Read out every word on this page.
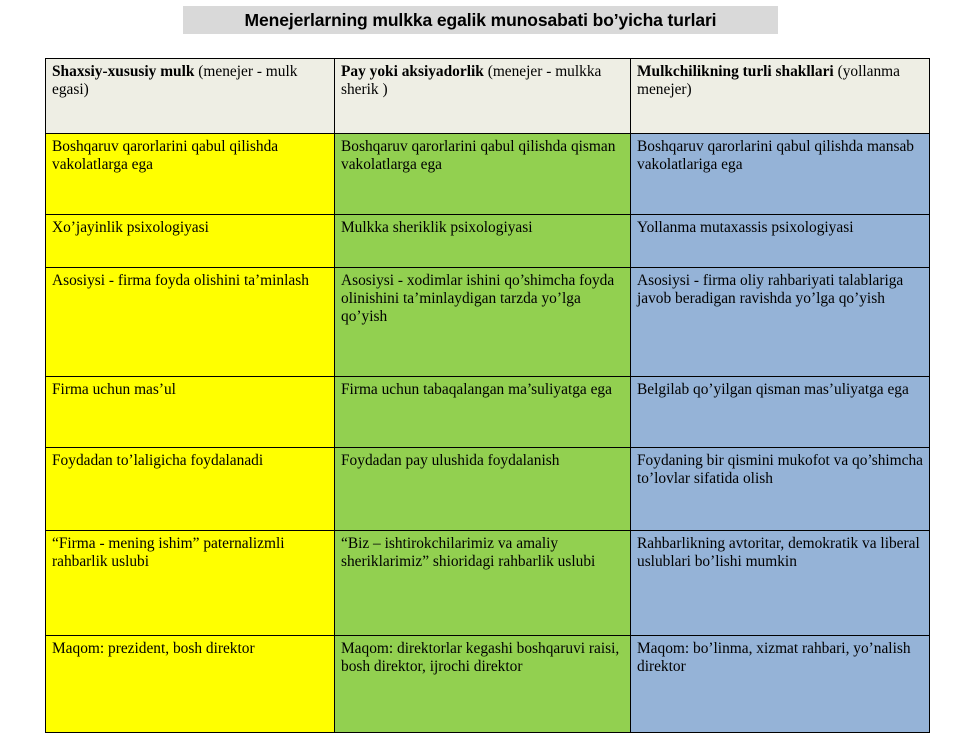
Menejerlarning mulkka egalik munosabati bo’yicha turlari
Shaxsiy-xususiy mulk (menejer - mulk egasi)	Pay yoki aksiyadorlik (menejer - mulkka sherik )	Mulkchilikning turli shakllari (yollanma menejer)

Boshqaruv qarorlarini qabul qilishda vakolatlarga ega	Boshqaruv qarorlarini qabul qilishda qisman vakolatlarga ega	Boshqaruv qarorlarini qabul qilishda mansab vakolatlariga ega

Xo’jayinlik psixologiyasi	Mulkka sheriklik psixologiyasi	Yollanma mutaxassis psixologiyasi

Asosiysi - firma foyda olishini ta’minlash	Asosiysi - xodimlar ishini qo’shimcha foyda olinishini ta’minlaydigan tarzda yo’lga qo’yish	Asosiysi - firma oliy rahbariyati talablariga javob beradigan ravishda yo’lga qo’yish

Firma uchun mas’ul	Firma uchun tabaqalangan ma’suliyatga ega	Belgilab qo’yilgan qisman mas’uliyatga ega

Foydadan to’laligicha foydalanadi	Foydadan pay ulushida foydalanish	Foydaning bir qismini mukofot va qo’shimcha to’lovlar sifatida olish

“Firma - mening ishim” paternalizmli rahbarlik uslubi	“Biz – ishtirokchilarimiz va amaliy sheriklarimiz” shioridagi rahbarlik uslubi	Rahbarlikning avtoritar, demokratik va liberal uslublari bo’lishi mumkin

Maqom: prezident, bosh direktor	Maqom: direktorlar kegashi boshqaruvi raisi, bosh direktor, ijrochi direktor	Maqom: bo’linma, xizmat rahbari, yo’nalish direktor
